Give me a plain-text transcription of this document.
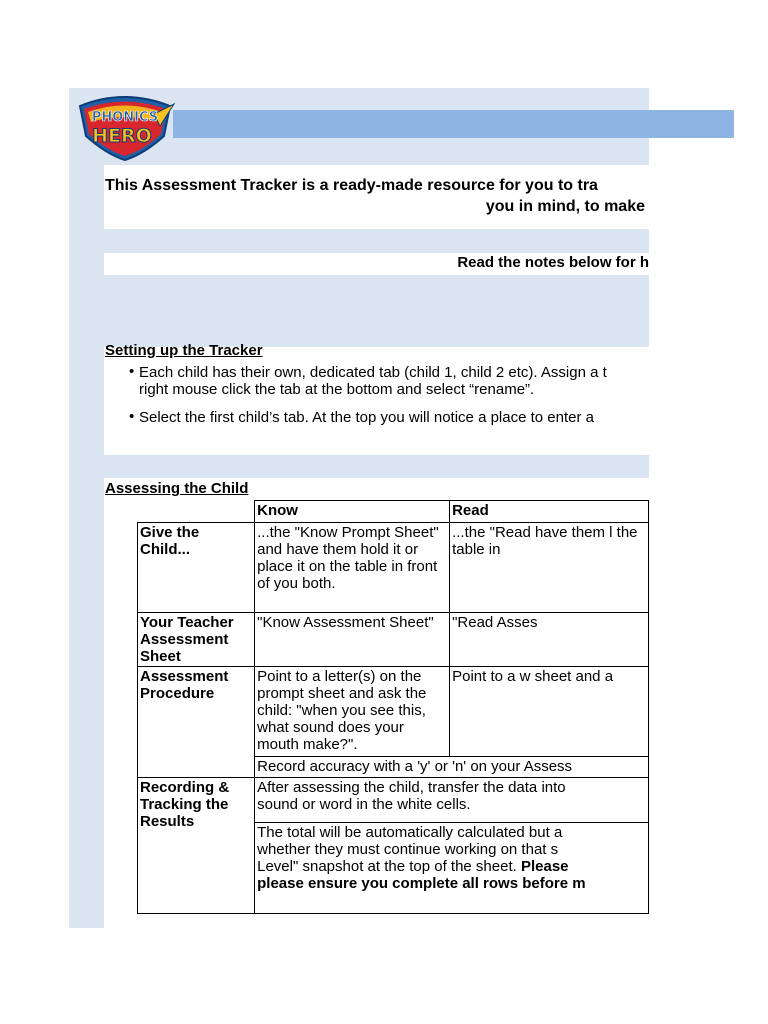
This Assessment Tracker is a ready-made resource for you to tra
you in mind, to make
Read the notes below for h
Setting up the Tracker
• Each child has their own, dedicated tab (child 1, child 2 etc). Assign a t
right mouse click the tab at the bottom and select “rename”.
• Select the first child’s tab. At the top you will notice a place to enter a
Assessing the Child
	Know	Read
Give the Child...	...the "Know Prompt Sheet" and have them hold it or place it on the table in front of you both.	...the "Read have them l the table in
Your Teacher Assessment Sheet	"Know Assessment Sheet"	"Read Asses
Assessment Procedure	Point to a letter(s) on the prompt sheet and ask the child: "when you see this, what sound does your mouth make?".	Point to a w sheet and a
	Record accuracy with a 'y' or 'n' on your Assess	
Recording & Tracking the Results	After assessing the child, transfer the data into sound or word in the white cells.	

	The total will be automatically calculated but a whether they must continue working on that s Level" snapshot at the top of the sheet. Please please ensure you complete all rows before m	
PHONICS
HERO
